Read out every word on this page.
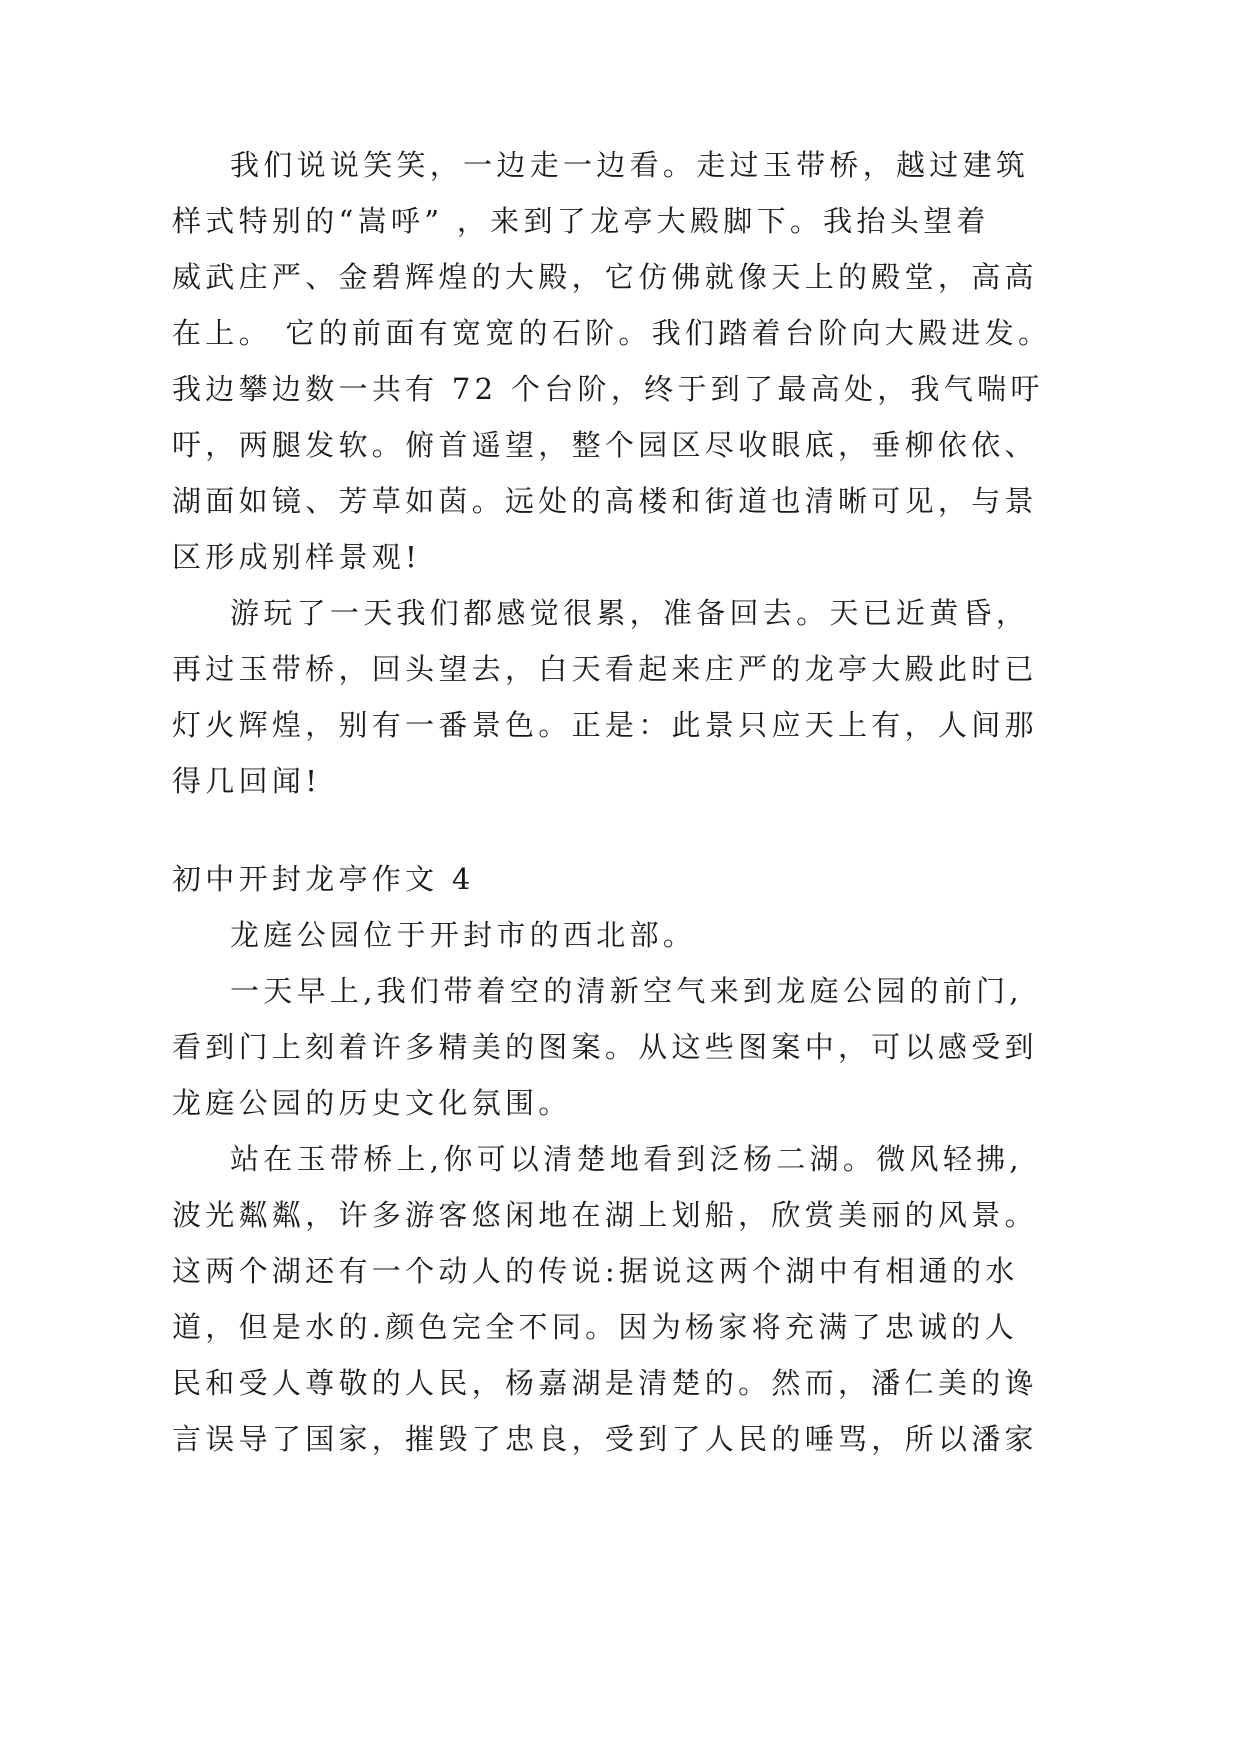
我们说说笑笑，一边走一边看。走过玉带桥，越过建筑
样式特别的“嵩呼” ，来到了龙亭大殿脚下。我抬头望着
威武庄严、金碧辉煌的大殿，它仿佛就像天上的殿堂，高高
在上。 它的前面有宽宽的石阶。我们踏着台阶向大殿进发。
我边攀边数一共有 72 个台阶，终于到了最高处，我气喘吁
吁，两腿发软。俯首遥望，整个园区尽收眼底，垂柳依依、
湖面如镜、芳草如茵。远处的高楼和街道也清晰可见，与景
区形成别样景观!
游玩了一天我们都感觉很累，准备回去。天已近黄昏，
再过玉带桥，回头望去，白天看起来庄严的龙亭大殿此时已
灯火辉煌，别有一番景色。正是：此景只应天上有，人间那
得几回闻!
初中开封龙亭作文 4
龙庭公园位于开封市的西北部。
一天早上,我们带着空的清新空气来到龙庭公园的前门,
看到门上刻着许多精美的图案。从这些图案中，可以感受到
龙庭公园的历史文化氛围。
站在玉带桥上,你可以清楚地看到泛杨二湖。微风轻拂,
波光粼粼，许多游客悠闲地在湖上划船，欣赏美丽的风景。
这两个湖还有一个动人的传说:据说这两个湖中有相通的水
道，但是水的.颜色完全不同。因为杨家将充满了忠诚的人
民和受人尊敬的人民，杨嘉湖是清楚的。然而，潘仁美的谗
言误导了国家，摧毁了忠良，受到了人民的唾骂，所以潘家
